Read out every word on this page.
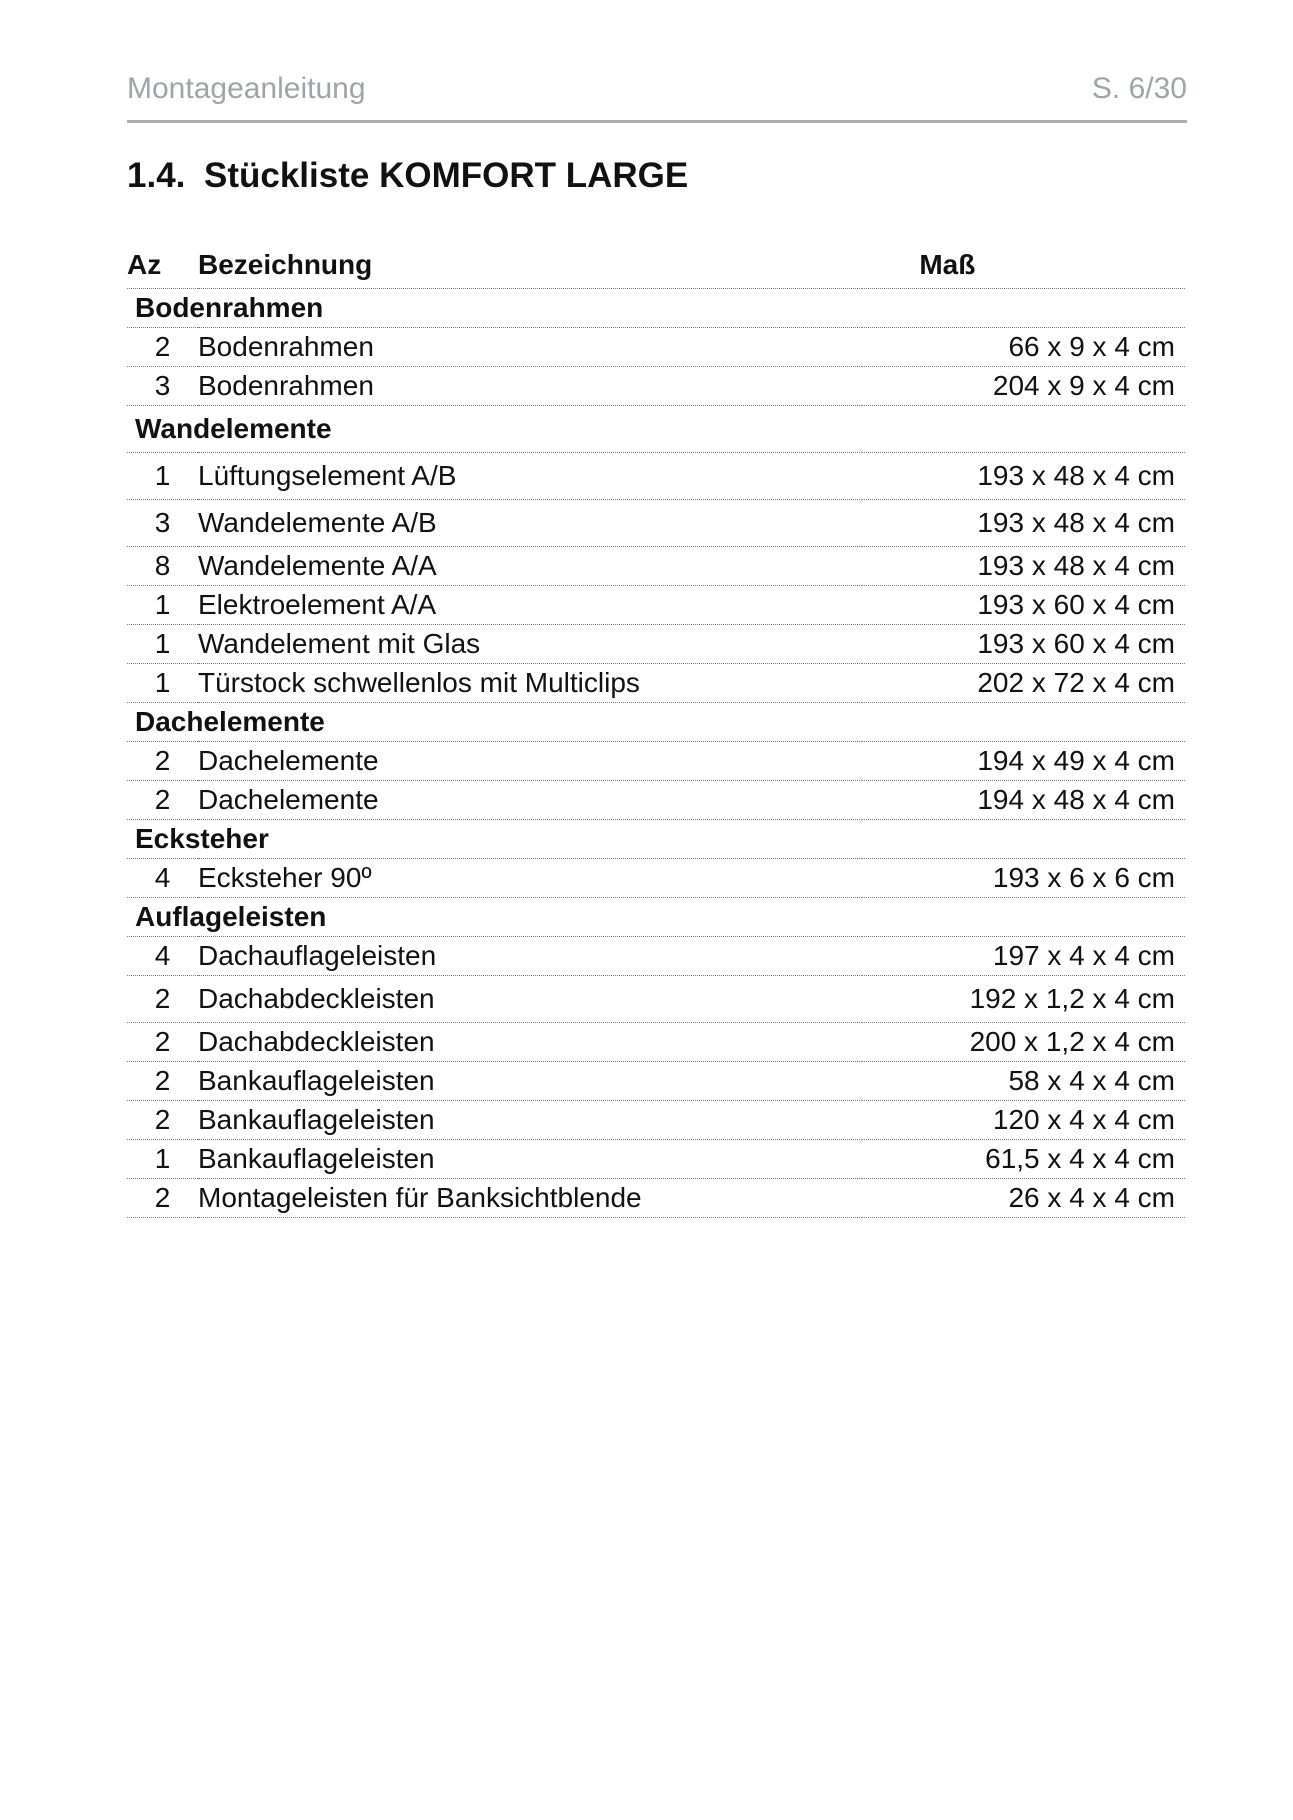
Montageanleitung	S. 6/30
1.4. Stückliste KOMFORT LARGE
Az	Bezeichnung	Maß
Bodenrahmen		
2	Bodenrahmen	66 x 9 x 4 cm
3	Bodenrahmen	204 x 9 x 4 cm
Wandelemente		
1	Lüftungselement A/B	193 x 48 x 4 cm
3	Wandelemente A/B	193 x 48 x 4 cm
8	Wandelemente A/A	193 x 48 x 4 cm
1	Elektroelement A/A	193 x 60 x 4 cm
1	Wandelement mit Glas	193 x 60 x 4 cm
1	Türstock schwellenlos mit Multiclips	202 x 72 x 4 cm
Dachelemente		
2	Dachelemente	194 x 49 x 4 cm
2	Dachelemente	194 x 48 x 4 cm
Ecksteher		
4	Ecksteher 90º	193 x 6 x 6 cm
Auflageleisten		
4	Dachauflageleisten	197 x 4 x 4 cm
2	Dachabdeckleisten	192 x 1,2 x 4 cm
2	Dachabdeckleisten	200 x 1,2 x 4 cm
2	Bankauflageleisten	58 x 4 x 4 cm
2	Bankauflageleisten	120 x 4 x 4 cm
1	Bankauflageleisten	61,5 x 4 x 4 cm
2	Montageleisten für Banksichtblende	26 x 4 x 4 cm
